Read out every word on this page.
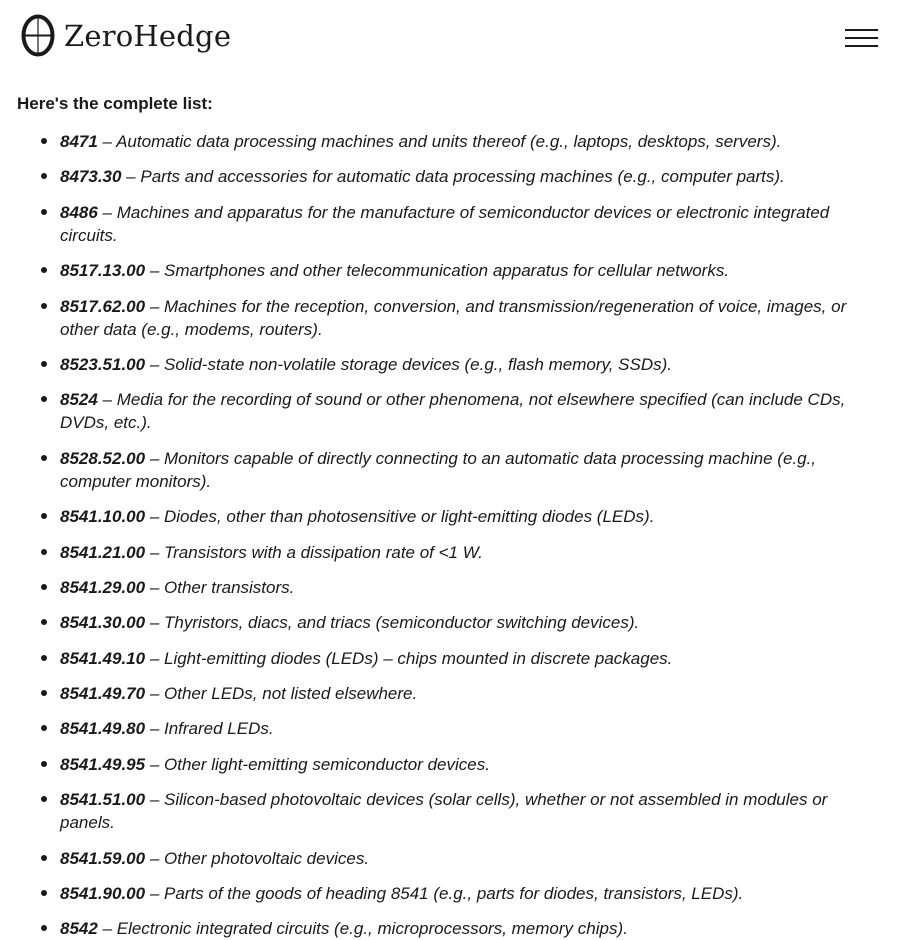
ZeroHedge

Here's the complete list:

8471 – Automatic data processing machines and units thereof (e.g., laptops, desktops, servers).
8473.30 – Parts and accessories for automatic data processing machines (e.g., computer parts).
8486 – Machines and apparatus for the manufacture of semiconductor devices or electronic integrated circuits.
8517.13.00 – Smartphones and other telecommunication apparatus for cellular networks.
8517.62.00 – Machines for the reception, conversion, and transmission/regeneration of voice, images, or other data (e.g., modems, routers).
8523.51.00 – Solid-state non-volatile storage devices (e.g., flash memory, SSDs).
8524 – Media for the recording of sound or other phenomena, not elsewhere specified (can include CDs, DVDs, etc.).
8528.52.00 – Monitors capable of directly connecting to an automatic data processing machine (e.g., computer monitors).
8541.10.00 – Diodes, other than photosensitive or light-emitting diodes (LEDs).
8541.21.00 – Transistors with a dissipation rate of <1 W.
8541.29.00 – Other transistors.
8541.30.00 – Thyristors, diacs, and triacs (semiconductor switching devices).
8541.49.10 – Light-emitting diodes (LEDs) – chips mounted in discrete packages.
8541.49.70 – Other LEDs, not listed elsewhere.
8541.49.80 – Infrared LEDs.
8541.49.95 – Other light-emitting semiconductor devices.
8541.51.00 – Silicon-based photovoltaic devices (solar cells), whether or not assembled in modules or panels.
8541.59.00 – Other photovoltaic devices.
8541.90.00 – Parts of the goods of heading 8541 (e.g., parts for diodes, transistors, LEDs).
8542 – Electronic integrated circuits (e.g., microprocessors, memory chips).
